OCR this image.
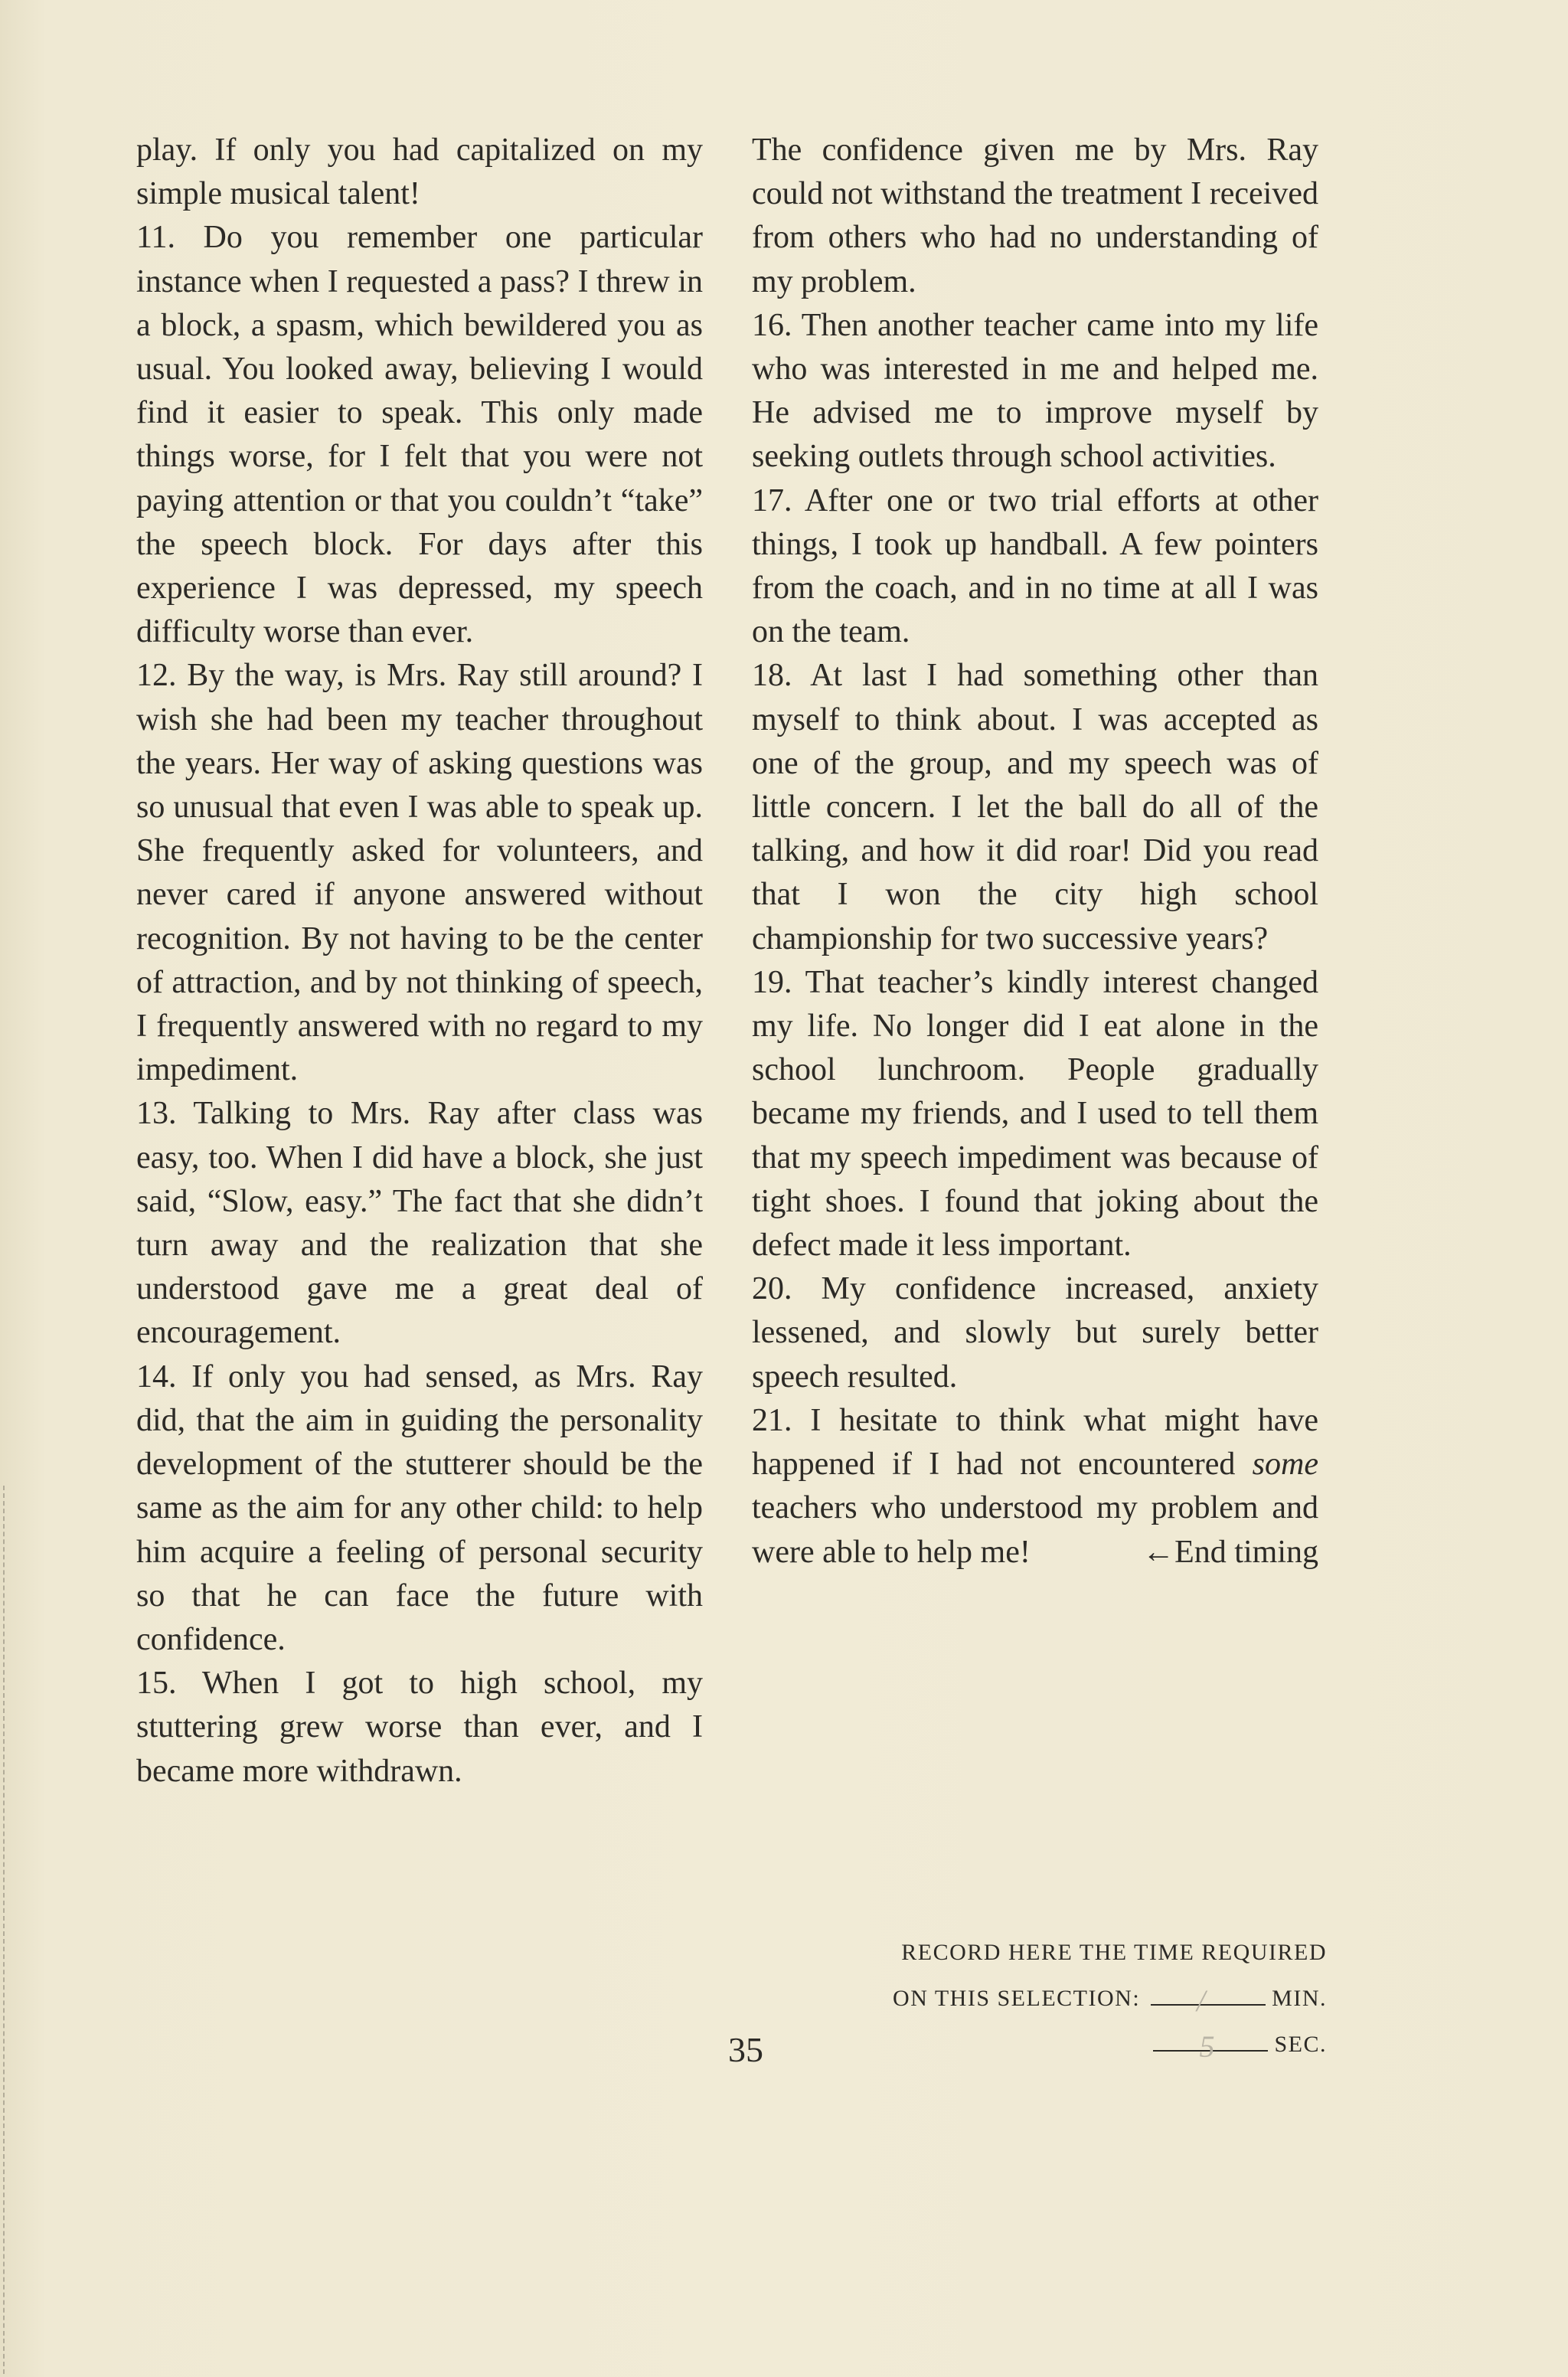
play. If only you had capitalized on my simple musical talent!

11. Do you remember one particular instance when I requested a pass? I threw in a block, a spasm, which bewildered you as usual. You looked away, believing I would find it easier to speak. This only made things worse, for I felt that you were not paying attention or that you couldn’t “take” the speech block. For days after this experience I was depressed, my speech difficulty worse than ever.

12. By the way, is Mrs. Ray still around? I wish she had been my teacher throughout the years. Her way of asking questions was so unusual that even I was able to speak up. She frequently asked for volunteers, and never cared if anyone answered without recognition. By not having to be the center of attraction, and by not thinking of speech, I frequently answered with no regard to my impediment.

13. Talking to Mrs. Ray after class was easy, too. When I did have a block, she just said, “Slow, easy.” The fact that she didn’t turn away and the realization that she understood gave me a great deal of encouragement.

14. If only you had sensed, as Mrs. Ray did, that the aim in guiding the personality development of the stutterer should be the same as the aim for any other child: to help him acquire a feeling of personal security so that he can face the future with confidence.

15. When I got to high school, my stuttering grew worse than ever, and I became more withdrawn.

The confidence given me by Mrs. Ray could not withstand the treatment I received from others who had no understanding of my problem.

16. Then another teacher came into my life who was interested in me and helped me. He advised me to improve myself by seeking outlets through school activities.

17. After one or two trial efforts at other things, I took up handball. A few pointers from the coach, and in no time at all I was on the team.

18. At last I had something other than myself to think about. I was accepted as one of the group, and my speech was of little concern. I let the ball do all of the talking, and how it did roar! Did you read that I won the city high school championship for two successive years?

19. That teacher’s kindly interest changed my life. No longer did I eat alone in the school lunchroom. People gradually became my friends, and I used to tell them that my speech impediment was because of tight shoes. I found that joking about the defect made it less important.

20. My confidence increased, anxiety lessened, and slowly but surely better speech resulted.

21. I hesitate to think what might have happened if I had not encountered some teachers who understood my problem and were able to help me!	←End timing

RECORD HERE THE TIME REQUIRED
ON THIS SELECTION: /	MIN.
5	SEC.
35
